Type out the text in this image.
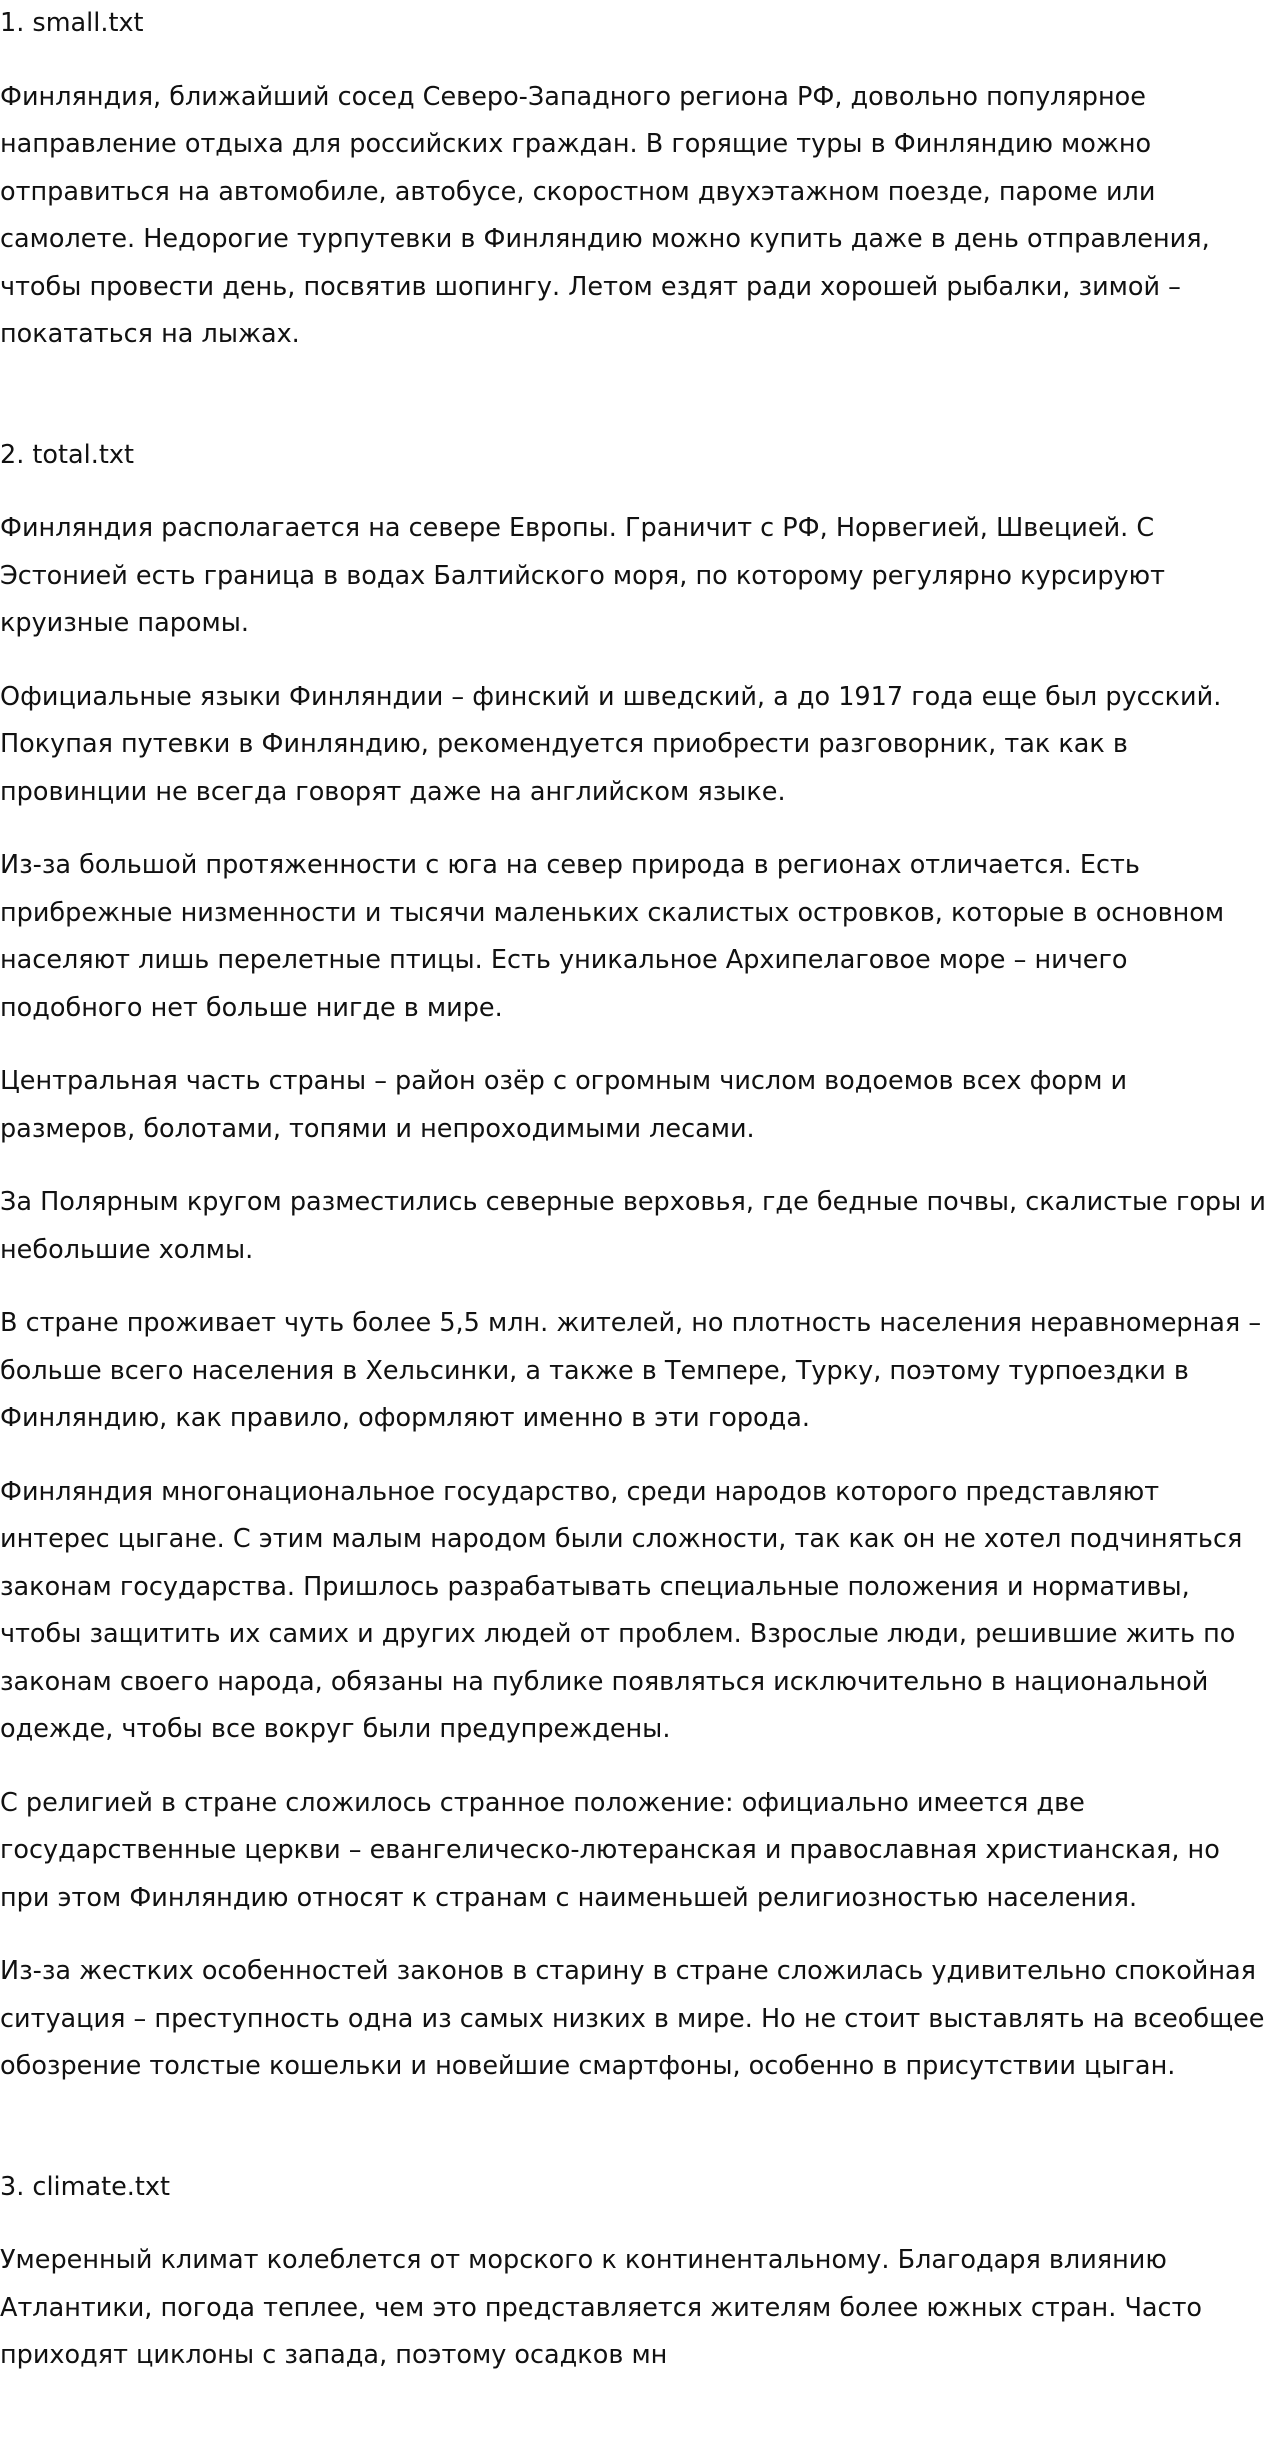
1. small.txt

Финляндия, ближайший сосед Северо-Западного региона РФ, довольно популярное направление отдыха для российских граждан. В горящие туры в Финляндию можно отправиться на автомобиле, автобусе, скоростном двухэтажном поезде, пароме или самолете. Недорогие турпутевки в Финляндию можно купить даже в день отправления, чтобы провести день, посвятив шопингу. Летом ездят ради хорошей рыбалки, зимой – покататься на лыжах.

2. total.txt

Финляндия располагается на севере Европы. Граничит с РФ, Норвегией, Швецией. С Эстонией есть граница в водах Балтийского моря, по которому регулярно курсируют круизные паромы.

Официальные языки Финляндии – финский и шведский, а до 1917 года еще был русский. Покупая путевки в Финляндию, рекомендуется приобрести разговорник, так как в провинции не всегда говорят даже на английском языке.

Из-за большой протяженности с юга на север природа в регионах отличается. Есть прибрежные низменности и тысячи маленьких скалистых островков, которые в основном населяют лишь перелетные птицы. Есть уникальное Архипелаговое море – ничего подобного нет больше нигде в мире.

Центральная часть страны – район озёр с огромным числом водоемов всех форм и размеров, болотами, топями и непроходимыми лесами.

За Полярным кругом разместились северные верховья, где бедные почвы, скалистые горы и небольшие холмы.

В стране проживает чуть более 5,5 млн. жителей, но плотность населения неравномерная – больше всего населения в Хельсинки, а также в Темпере, Турку, поэтому турпоездки в Финляндию, как правило, оформляют именно в эти города.

Финляндия многонациональное государство, среди народов которого представляют интерес цыгане. С этим малым народом были сложности, так как он не хотел подчиняться законам государства. Пришлось разрабатывать специальные положения и нормативы, чтобы защитить их самих и других людей от проблем. Взрослые люди, решившие жить по законам своего народа, обязаны на публике появляться исключительно в национальной одежде, чтобы все вокруг были предупреждены.

С религией в стране сложилось странное положение: официально имеется две государственные церкви – евангелическо-лютеранская и православная христианская, но при этом Финляндию относят к странам с наименьшей религиозностью населения.

Из-за жестких особенностей законов в старину в стране сложилась удивительно спокойная ситуация – преступность одна из самых низких в мире. Но не стоит выставлять на всеобщее обозрение толстые кошельки и новейшие смартфоны, особенно в присутствии цыган.

3. climate.txt

Умеренный климат колеблется от морского к континентальному. Благодаря влиянию Атлантики, погода теплее, чем это представляется жителям более южных стран. Часто приходят циклоны с запада, поэтому осадков мн
